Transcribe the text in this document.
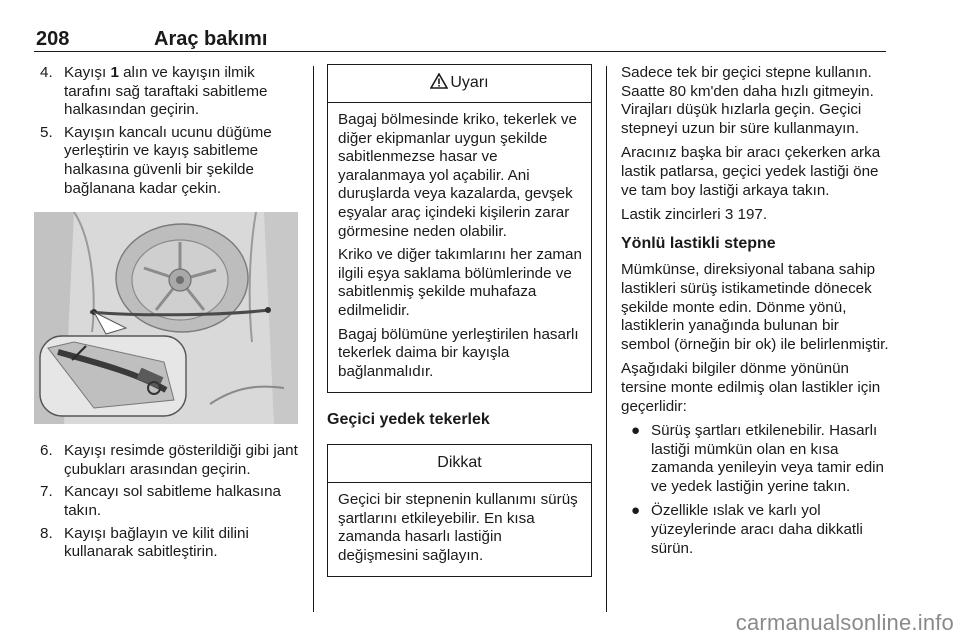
208	Araç bakımı
4. Kayışı 1 alın ve kayışın ilmik tarafını sağ taraftaki sabitleme halkasından geçirin.
5. Kayışın kancalı ucunu düğüme yerleştirin ve kayış sabitleme halkasına güvenli bir şekilde bağlanana kadar çekin.
6. Kayışı resimde gösterildiği gibi jant çubukları arasından geçirin.
7. Kancayı sol sabitleme halkasına takın.
8. Kayışı bağlayın ve kilit dilini kullanarak sabitleştirin.
Uyarı

Bagaj bölmesinde kriko, tekerlek ve diğer ekipmanlar uygun şekilde sabitlenmezse hasar ve yaralanmaya yol açabilir. Ani duruşlarda veya kazalarda, gevşek eşyalar araç içindeki kişilerin zarar görmesine neden olabilir.

Kriko ve diğer takımlarını her zaman ilgili eşya saklama bölümlerinde ve sabitlenmiş şekilde muhafaza edilmelidir.

Bagaj bölümüne yerleştirilen hasarlı tekerlek daima bir kayışla bağlanmalıdır.

Geçici yedek tekerlek
Dikkat

Geçici bir stepnenin kullanımı sürüş şartlarını etkileyebilir. En kısa zamanda hasarlı lastiğin değişmesini sağlayın.

Sadece tek bir geçici stepne kullanın. Saatte 80 km'den daha hızlı gitmeyin. Virajları düşük hızlarla geçin. Geçici stepneyi uzun bir süre kullanmayın.

Aracınız başka bir aracı çekerken arka lastik patlarsa, geçici yedek lastiği öne ve tam boy lastiği arkaya takın.

Lastik zincirleri 3 197.

Yönlü lastikli stepne

Mümkünse, direksiyonal tabana sahip lastikleri sürüş istikametinde dönecek şekilde monte edin. Dönme yönü, lastiklerin yanağında bulunan bir sembol (örneğin bir ok) ile belirlenmiştir.

Aşağıdaki bilgiler dönme yönünün tersine monte edilmiş olan lastikler için geçerlidir:

● Sürüş şartları etkilenebilir. Hasarlı lastiği mümkün olan en kısa zamanda yenileyin veya tamir edin ve yedek lastiğin yerine takın.
● Özellikle ıslak ve karlı yol yüzeylerinde aracı daha dikkatli sürün.
carmanualsonline.info
